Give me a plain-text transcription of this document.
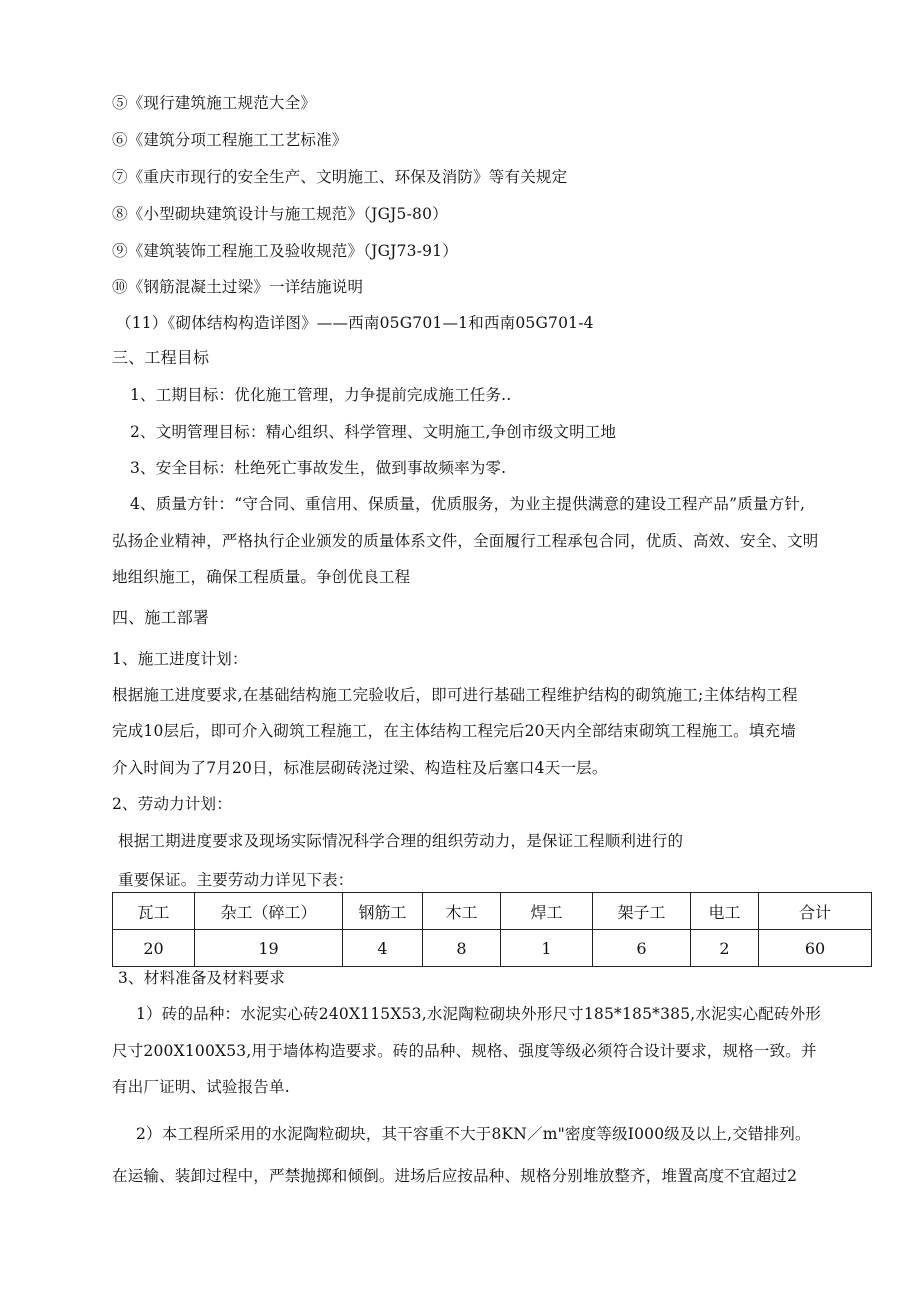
⑤《现行建筑施工规范大全》
⑥《建筑分项工程施工工艺标准》
⑦《重庆市现行的安全生产、文明施工、环保及消防》等有关规定
⑧《小型砌块建筑设计与施工规范》（JGJ5-80）
⑨《建筑装饰工程施工及验收规范》（JGJ73-91）
⑩《钢筋混凝土过梁》一详结施说明
（11）《砌体结构构造详图》——西南05G701—1和西南05G701-4
三、工程目标
1、工期目标：优化施工管理，力争提前完成施工任务..
2、文明管理目标：精心组织、科学管理、文明施工,争创市级文明工地
3、安全目标：杜绝死亡事故发生，做到事故频率为零.
4、质量方针：“守合同、重信用、保质量，优质服务，为业主提供满意的建设工程产品”质量方针,
弘扬企业精神，严格执行企业颁发的质量体系文件，全面履行工程承包合同，优质、高效、安全、文明
地组织施工，确保工程质量。争创优良工程
四、施工部署
1、施工进度计划：
根据施工进度要求,在基础结构施工完验收后，即可进行基础工程维护结构的砌筑施工;主体结构工程
完成10层后，即可介入砌筑工程施工，在主体结构工程完后20天内全部结束砌筑工程施工。填充墙
介入时间为了7月20日，标准层砌砖浇过梁、构造柱及后塞口4天一层。
2、劳动力计划：
根据工期进度要求及现场实际情况科学合理的组织劳动力，是保证工程顺利进行的
重要保证。主要劳动力详见下表：
瓦工	杂工（碎工）	钢筋工	木工	焊工	架子工	电工	合计
20	19	4	8	1	6	2	60
3、材料准备及材料要求
1）砖的品种：水泥实心砖240X115X53,水泥陶粒砌块外形尺寸185*185*385,水泥实心配砖外形
尺寸200X100X53,用于墙体构造要求。砖的品种、规格、强度等级必须符合设计要求，规格一致。并
有出厂证明、试验报告单.
2）本工程所采用的水泥陶粒砌块，其干容重不大于8KN／m"密度等级I000级及以上,交错排列。
在运输、装卸过程中，严禁抛掷和倾倒。进场后应按品种、规格分别堆放整齐，堆置高度不宜超过2
